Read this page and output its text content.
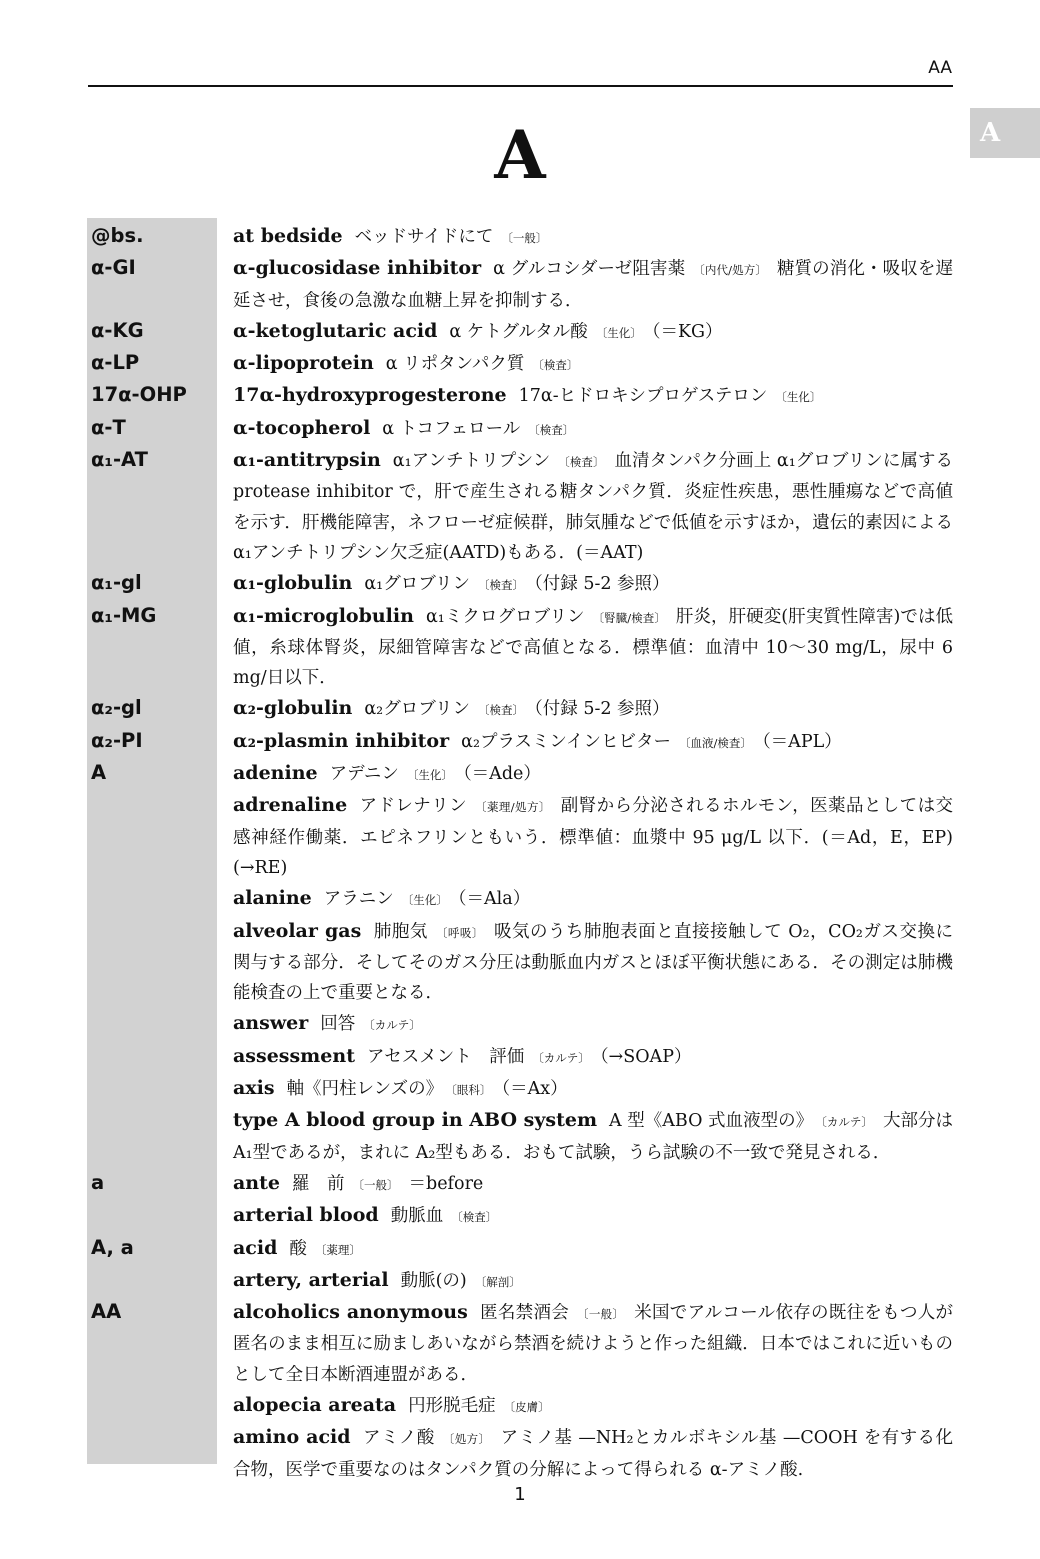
AA
A
A
@bs.	at bedside ベッドサイドにて 〔一般〕
α-GI	α-glucosidase inhibitor α グルコシダーゼ阻害薬 〔内代/処方〕 糖質の消化・吸収を遅延させ，食後の急激な血糖上昇を抑制する．
α-KG	α-ketoglutaric acid α ケトグルタル酸 〔生化〕 （＝KG）
α-LP	α-lipoprotein α リポタンパク質 〔検査〕
17α-OHP	17α-hydroxyprogesterone 17α-ヒドロキシプロゲステロン 〔生化〕
α-T	α-tocopherol α トコフェロール 〔検査〕
α₁-AT	α₁-antitrypsin α₁アンチトリプシン 〔検査〕 血清タンパク分画上 α₁グロブリンに属する protease inhibitor で，肝で産生される糖タンパク質．炎症性疾患，悪性腫瘍などで高値を示す．肝機能障害，ネフローゼ症候群，肺気腫などで低値を示すほか，遺伝的素因による α₁アンチトリプシン欠乏症(AATD)もある．(＝AAT)
α₁-gl	α₁-globulin α₁グロブリン 〔検査〕 （付録 5-2 参照）
α₁-MG	α₁-microglobulin α₁ミクログロブリン 〔腎臓/検査〕 肝炎，肝硬変(肝実質性障害)では低値，糸球体腎炎，尿細管障害などで高値となる．標準値：血清中 10〜30 mg/L，尿中 6 mg/日以下．
α₂-gl	α₂-globulin α₂グロブリン 〔検査〕 （付録 5-2 参照）
α₂-PI	α₂-plasmin inhibitor α₂プラスミンインヒビター 〔血液/検査〕 （＝APL）
A	adenine アデニン 〔生化〕 （＝Ade）
adrenaline アドレナリン 〔薬理/処方〕 副腎から分泌されるホルモン，医薬品としては交感神経作働薬．エピネフリンともいう．標準値：血漿中 95 μg/L 以下．(＝Ad，E，EP) (→RE)
alanine アラニン 〔生化〕 （＝Ala）
alveolar gas 肺胞気 〔呼吸〕 吸気のうち肺胞表面と直接接触して O₂，CO₂ガス交換に関与する部分．そしてそのガス分圧は動脈血内ガスとほぼ平衡状態にある．その測定は肺機能検査の上で重要となる．
answer 回答 〔カルテ〕
assessment アセスメント　評価 〔カルテ〕 （→SOAP）
axis 軸《円柱レンズの》 〔眼科〕 （＝Ax）
type A blood group in ABO system A 型《ABO 式血液型の》 〔カルテ〕 大部分は A₁型であるが，まれに A₂型もある．おもて試験，うら試験の不一致で発見される．
a	ante 羅　前 〔一般〕 ＝before
arterial blood 動脈血 〔検査〕
A, a	acid 酸 〔薬理〕
artery, arterial 動脈(の) 〔解剖〕
AA	alcoholics anonymous 匿名禁酒会 〔一般〕 米国でアルコール依存の既往をもつ人が匿名のまま相互に励ましあいながら禁酒を続けようと作った組織．日本ではこれに近いものとして全日本断酒連盟がある．
alopecia areata 円形脱毛症 〔皮膚〕
amino acid アミノ酸 〔処方〕 アミノ基 —NH₂とカルボキシル基 —COOH を有する化合物，医学で重要なのはタンパク質の分解によって得られる α-アミノ酸.
1
